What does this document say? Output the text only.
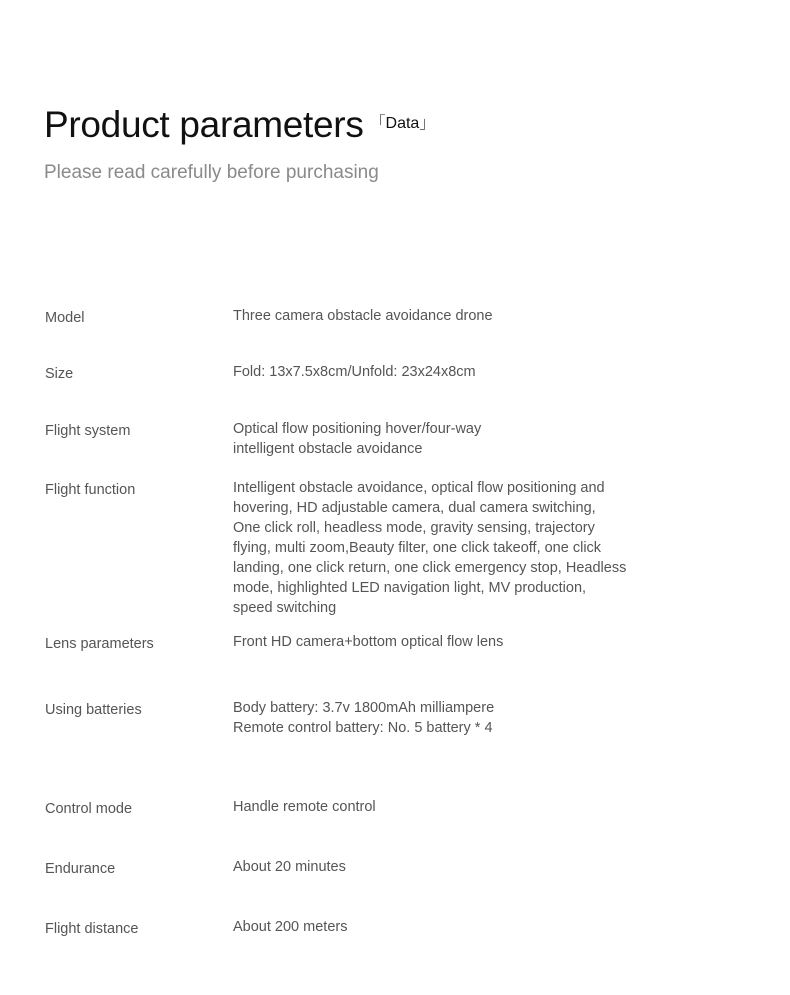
Product parameters 「Data」
Please read carefully before purchasing
Model	Three camera obstacle avoidance drone
Size	Fold: 13x7.5x8cm/Unfold: 23x24x8cm
Flight system	Optical flow positioning hover/four-way
intelligent obstacle avoidance
Flight function	Intelligent obstacle avoidance, optical flow positioning and
hovering, HD adjustable camera, dual camera switching,
One click roll, headless mode, gravity sensing, trajectory
flying, multi zoom,Beauty filter, one click takeoff, one click
landing, one click return, one click emergency stop, Headless
mode, highlighted LED navigation light, MV production,
speed switching
Lens parameters	Front HD camera+bottom optical flow lens
Using batteries	Body battery: 3.7v 1800mAh milliampere
Remote control battery: No. 5 battery * 4
Control mode	Handle remote control
Endurance	About 20 minutes
Flight distance	About 200 meters
